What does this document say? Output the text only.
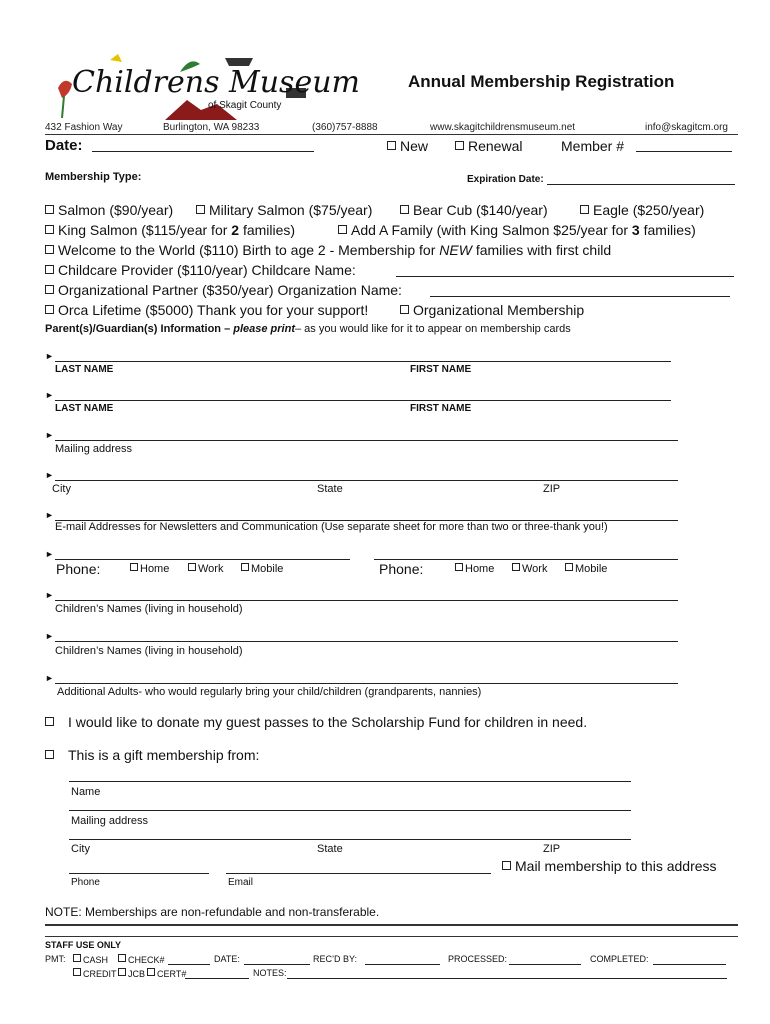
Childrens Museum
of Skagit County
Annual Membership Registration
432 Fashion Way	Burlington, WA 98233	(360)757-8888	www.skagitchildrensmuseum.net	info@skagitcm.org
Date:	New	Renewal	Member #
Membership Type:	Expiration Date:
Salmon ($90/year)	Military Salmon ($75/year)	Bear Cub ($140/year)	Eagle ($250/year)
King Salmon ($115/year for 2 families)	Add A Family (with King Salmon $25/year for 3 families)
Welcome to the World ($110) Birth to age 2 - Membership for NEW families with first child
Childcare Provider ($110/year) Childcare Name:
Organizational Partner ($350/year) Organization Name:
Orca Lifetime ($5000) Thank you for your support!	Organizational Membership
Parent(s)/Guardian(s) Information – please print– as you would like for it to appear on membership cards
►
LAST NAME	FIRST NAME
►
LAST NAME	FIRST NAME
►
Mailing address
►
City	State	ZIP
►
E-mail Addresses for Newsletters and Communication (Use separate sheet for more than two or three-thank you!)
►
Phone:	Home	Work	Mobile	Phone:	Home	Work	Mobile
►
Children’s Names (living in household)
►
Children’s Names (living in household)
►
Additional Adults- who would regularly bring your child/children (grandparents, nannies)
I would like to donate my guest passes to the Scholarship Fund for children in need.
This is a gift membership from:
Name
Mailing address
City	State	ZIP
Mail membership to this address
Phone	Email
NOTE: Memberships are non-refundable and non-transferable.
STAFF USE ONLY
PMT:	CASH	CHECK#	DATE:	REC’D BY:	PROCESSED:	COMPLETED:
CREDIT	JCB	CERT#	NOTES:
